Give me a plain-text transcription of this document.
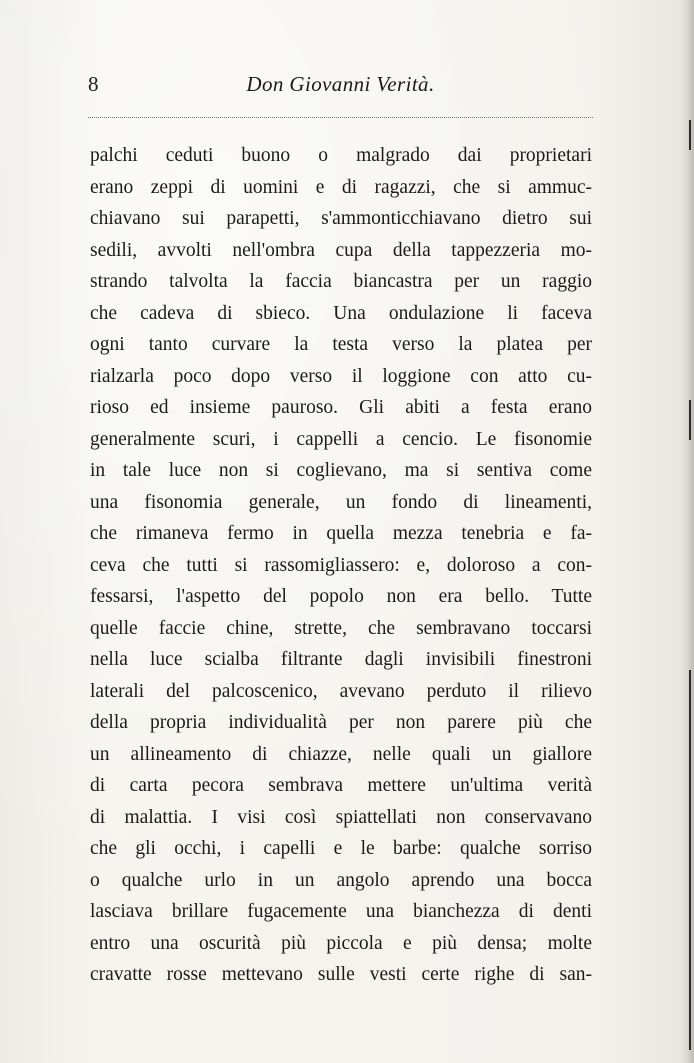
8	Don Giovanni Verità.
palchi ceduti buono o malgrado dai proprietari
erano zeppi di uomini e di ragazzi, che si ammuc-
chiavano sui parapetti, s'ammonticchiavano dietro sui
sedili, avvolti nell'ombra cupa della tappezzeria mo-
strando talvolta la faccia biancastra per un raggio
che cadeva di sbieco. Una ondulazione li faceva
ogni tanto curvare la testa verso la platea per
rialzarla poco dopo verso il loggione con atto cu-
rioso ed insieme pauroso. Gli abiti a festa erano
generalmente scuri, i cappelli a cencio. Le fisonomie
in tale luce non si coglievano, ma si sentiva come
una fisonomia generale, un fondo di lineamenti,
che rimaneva fermo in quella mezza tenebria e fa-
ceva che tutti si rassomigliassero: e, doloroso a con-
fessarsi, l'aspetto del popolo non era bello. Tutte
quelle faccie chine, strette, che sembravano toccarsi
nella luce scialba filtrante dagli invisibili finestroni
laterali del palcoscenico, avevano perduto il rilievo
della propria individualità per non parere più che
un allineamento di chiazze, nelle quali un giallore
di carta pecora sembrava mettere un'ultima verità
di malattia. I visi così spiattellati non conservavano
che gli occhi, i capelli e le barbe: qualche sorriso
o qualche urlo in un angolo aprendo una bocca
lasciava brillare fugacemente una bianchezza di denti
entro una oscurità più piccola e più densa; molte
cravatte rosse mettevano sulle vesti certe righe di san-
